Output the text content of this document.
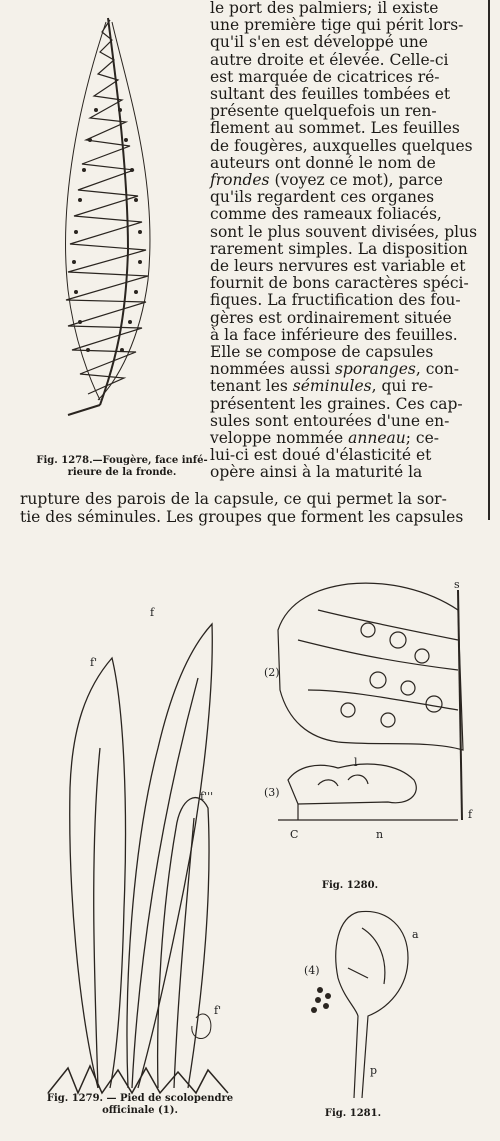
Fig. 1278.—Fougère, face infé-
rieure de la fronde.

le port des palmiers; il existe

une première tige qui périt lors-

qu'il s'en est développé une

autre droite et élevée. Celle-ci

est marquée de cicatrices ré-

sultant des feuilles tombées et

présente quelquefois un ren-

flement au sommet. Les feuilles

de fougères, auxquelles quelques

auteurs ont donné le nom de

frondes (voyez ce mot), parce

qu'ils regardent ces organes

comme des rameaux foliacés,

sont le plus souvent divisées, plus

rarement simples. La disposition

de leurs nervures est variable et

fournit de bons caractères spéci-

fiques. La fructification des fou-

gères est ordinairement située

à la face inférieure des feuilles.

Elle se compose de capsules

nommées aussi sporanges, con-

tenant les séminules, qui re-

présentent les graines. Ces cap-

sules sont entourées d'une en-

veloppe nommée anneau; ce-

lui-ci est doué d'élasticité et

opère ainsi à la maturité la

rupture des parois de la capsule, ce qui permet la sor-

tie des séminules. Les groupes que forment les capsules

f
f'
f'''
f'
Fig. 1279. — Pied de scolopendre
officinale (1).
(2)
(3)
C	n
s
l
f
Fig. 1280.
(4)
a
p
Fig. 1281.
